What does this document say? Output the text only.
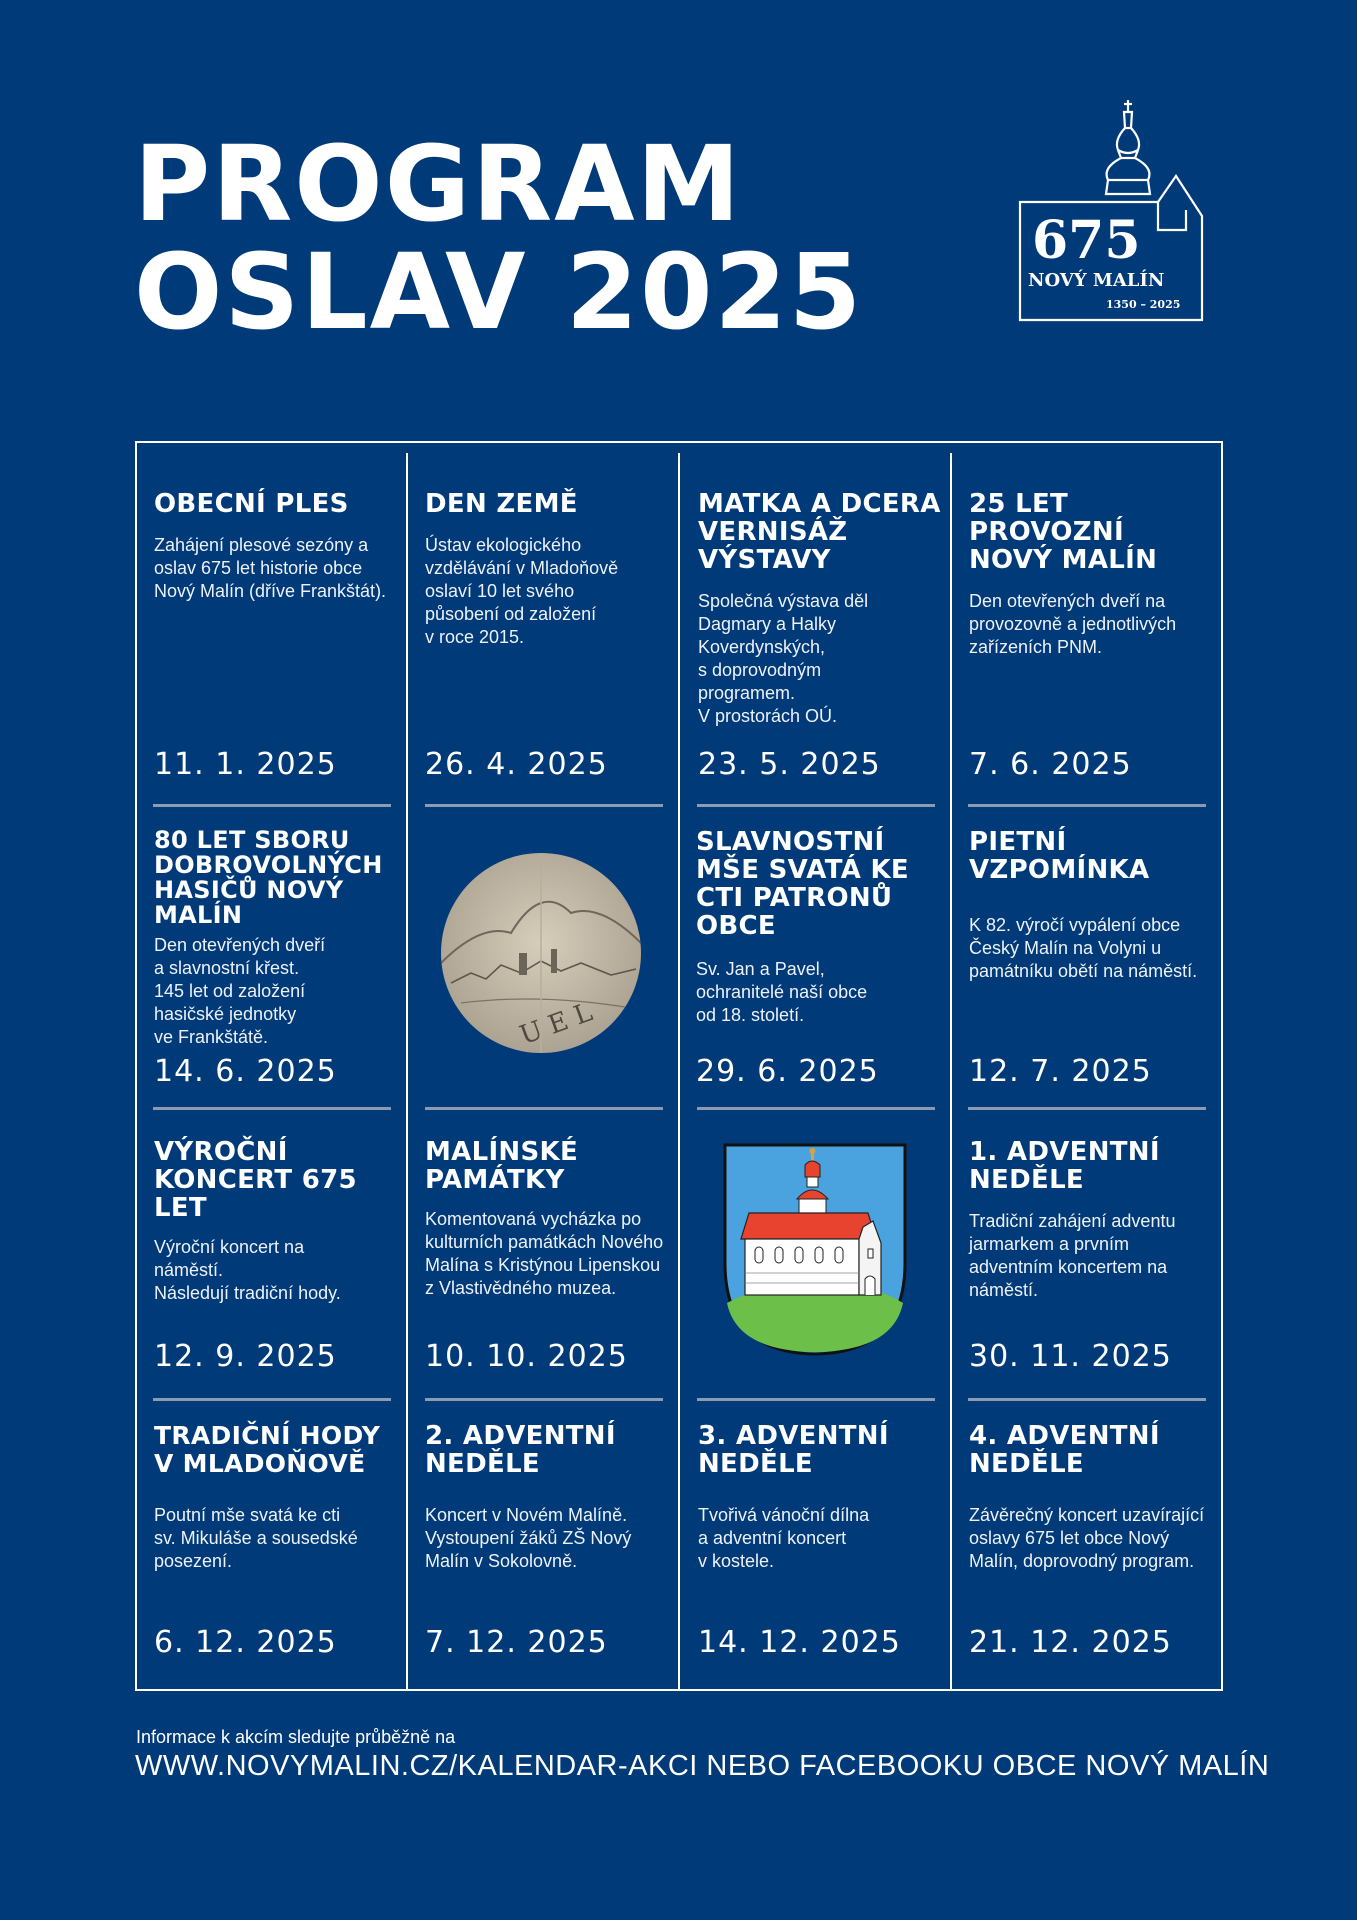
PROGRAM
OSLAV 2025	675
NOVÝ MALÍN
1350 – 2025
OBECNÍ PLES

Zahájení plesové sezóny a oslav 675 let historie obce Nový Malín (dříve Frankštát).

11. 1. 2025
DEN ZEMĚ

Ústav ekologického
vzdělávání v Mladoňově
oslaví 10 let svého
působení od založení
v roce 2015.

26. 4. 2025
MATKA A DCERA VERNISÁŽ VÝSTAVY

Společná výstava děl
Dagmary a Halky
Koverdynských,
s doprovodným
programem.
V prostorách OÚ.

23. 5. 2025
25 LET PROVOZNÍ NOVÝ MALÍN

Den otevřených dveří na provozovně a jednotlivých zařízeních PNM.

7. 6. 2025
80 LET SBORU DOBROVOLNÝCH HASIČŮ NOVÝ MALÍN

Den otevřených dveří
a slavnostní křest.
145 let od založení
hasičské jednotky
ve Frankštátě.

14. 6. 2025
U E L
SLAVNOSTNÍ MŠE SVATÁ KE CTI PATRONŮ OBCE

Sv. Jan a Pavel,
ochranitelé naší obce
od 18. století.

29. 6. 2025
PIETNÍ VZPOMÍNKA

K 82. výročí vypálení obce Český Malín na Volyni u památníku obětí na náměstí.

12. 7. 2025
VÝROČNÍ KONCERT 675 LET

Výroční koncert na
náměstí.
Následují tradiční hody.

12. 9. 2025
MALÍNSKÉ PAMÁTKY

Komentovaná vycházka po kulturních památkách Nového Malína s Kristýnou Lipenskou
z Vlastivědného muzea.

10. 10. 2025
1. ADVENTNÍ NEDĚLE

Tradiční zahájení adventu jarmarkem a prvním adventním koncertem na náměstí.

30. 11. 2025
TRADIČNÍ HODY V MLADOŇOVĚ

Poutní mše svatá ke cti
sv. Mikuláše a sousedské
posezení.

6. 12. 2025
2. ADVENTNÍ NEDĚLE

Koncert v Novém Malíně.
Vystoupení žáků ZŠ Nový
Malín v Sokolovně.

7. 12. 2025
3. ADVENTNÍ NEDĚLE

Tvořivá vánoční dílna
a adventní koncert
v kostele.

14. 12. 2025
4. ADVENTNÍ NEDĚLE

Závěrečný koncert uzavírající oslavy 675 let obce Nový Malín, doprovodný program.

21. 12. 2025
Informace k akcím sledujte průběžně na
WWW.NOVYMALIN.CZ/KALENDAR-AKCI NEBO FACEBOOKU OBCE NOVÝ MALÍN
